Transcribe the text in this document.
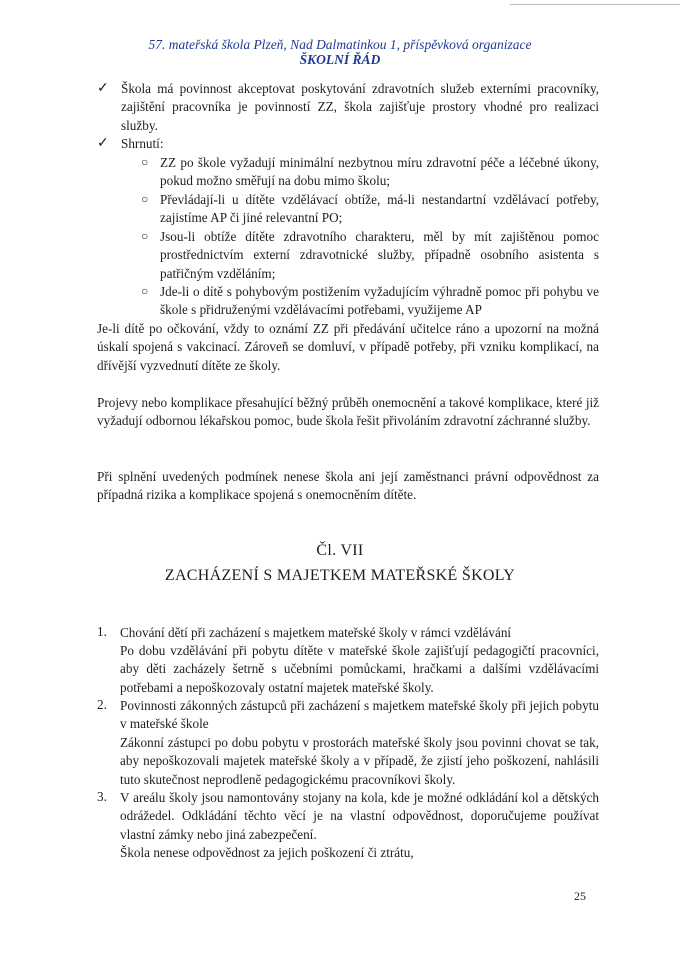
57. mateřská škola Plzeň, Nad Dalmatinkou 1, příspěvková organizace
ŠKOLNÍ ŘÁD
✓ Škola má povinnost akceptovat poskytování zdravotních služeb externími pracovníky, zajištění pracovníka je povinností ZZ, škola zajišťuje prostory vhodné pro realizaci služby.
✓ Shrnutí:
○ ZZ po škole vyžadují minimální nezbytnou míru zdravotní péče a léčebné úkony, pokud možno směřují na dobu mimo školu;
○ Převládají-li u dítěte vzdělávací obtíže, má-li nestandartní vzdělávací potřeby, zajistíme AP či jiné relevantní PO;
○ Jsou-li obtíže dítěte zdravotního charakteru, měl by mít zajištěnou pomoc prostřednictvím externí zdravotnické služby, případně osobního asistenta s patřičným vzděláním;
○ Jde-li o dítě s pohybovým postižením vyžadujícím výhradně pomoc při pohybu ve škole s přidruženými vzdělávacími potřebami, využijeme AP
Je-li dítě po očkování, vždy to oznámí ZZ při předávání učitelce ráno a upozorní na možná úskalí spojená s vakcinací. Zároveň se domluví, v případě potřeby, při vzniku komplikací, na dřívější vyzvednutí dítěte ze školy.
Projevy nebo komplikace přesahující běžný průběh onemocnění a takové komplikace, které již vyžadují odbornou lékařskou pomoc, bude škola řešit přivoláním zdravotní záchranné služby.
Při splnění uvedených podmínek nenese škola ani její zaměstnanci právní odpovědnost za případná rizika a komplikace spojená s onemocněním dítěte.
Čl. VII
ZACHÁZENÍ S MAJETKEM MATEŘSKÉ ŠKOLY
1. Chování dětí při zacházení s majetkem mateřské školy v rámci vzdělávání
Po dobu vzdělávání při pobytu dítěte v mateřské škole zajišťují pedagogičtí pracovníci, aby děti zacházely šetrně s učebními pomůckami, hračkami a dalšími vzdělávacími potřebami a nepoškozovaly ostatní majetek mateřské školy.
2. Povinnosti zákonných zástupců při zacházení s majetkem mateřské školy při jejich pobytu v mateřské škole
Zákonní zástupci po dobu pobytu v prostorách mateřské školy jsou povinni chovat se tak, aby nepoškozovali majetek mateřské školy a v případě, že zjistí jeho poškození, nahlásili tuto skutečnost neprodleně pedagogickému pracovníkovi školy.
3. V areálu školy jsou namontovány stojany na kola, kde je možné odkládání kol a dětských odrážedel. Odkládání těchto věcí je na vlastní odpovědnost, doporučujeme používat vlastní zámky nebo jiná zabezpečení.
Škola nenese odpovědnost za jejich poškození či ztrátu,
25
